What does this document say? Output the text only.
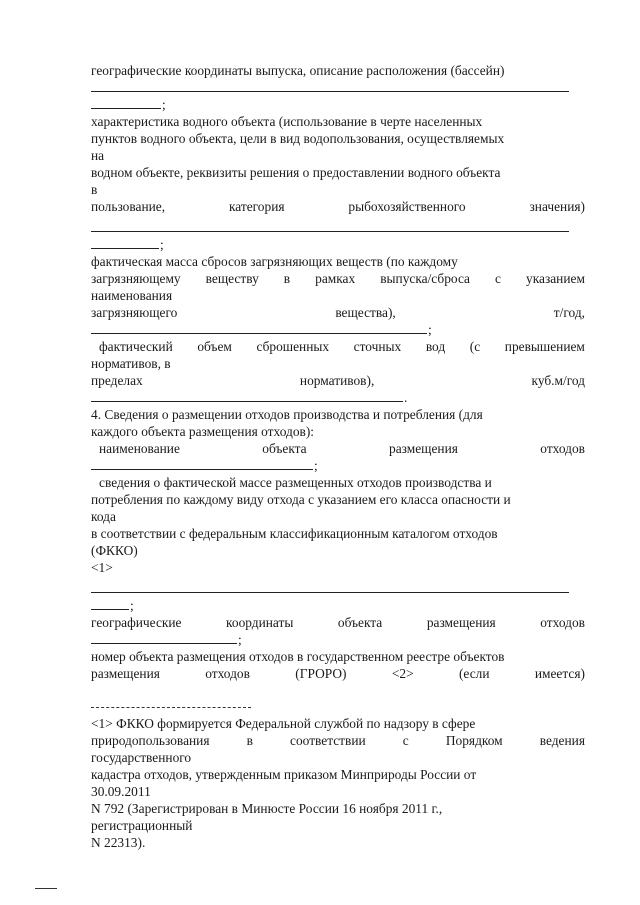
географические координаты выпуска, описание расположения (бассейн)
;
характеристика водного объекта (использование в черте населенных
пунктов водного объекта, цели в вид водопользования, осуществляемых
на
водном объекте, реквизиты решения о предоставлении водного объекта
в
пользование,	категория	рыбохозяйственного	значения)
;
фактическая масса сбросов загрязняющих веществ (по каждому
загрязняющему веществу в рамках выпуска/сброса с указанием
наименования
загрязняющего	вещества),	т/год,
;
фактический объем сброшенных сточных вод (с превышением
нормативов, в
пределах	нормативов),	куб.м/год
.
4. Сведения о размещении отходов производства и потребления (для
каждого объекта размещения отходов):
наименование	объекта	размещения	отходов
;
сведения о фактической массе размещенных отходов производства и
потребления по каждому виду отхода с указанием его класса опасности и
кода
в соответствии с федеральным классификационным каталогом отходов
(ФККО)
<1>
;
географические	координаты	объекта	размещения	отходов
;
номер объекта размещения отходов в государственном реестре объектов
размещения	отходов	(ГРОРО)	<2>	(если	имеется)
<1> ФККО формируется Федеральной службой по надзору в сфере
природопользования	в	соответствии	с	Порядком	ведения
государственного
кадастра отходов, утвержденным приказом Минприроды России от
30.09.2011
N 792 (Зарегистрирован в Минюсте России 16 ноября 2011 г.,
регистрационный
N 22313).
